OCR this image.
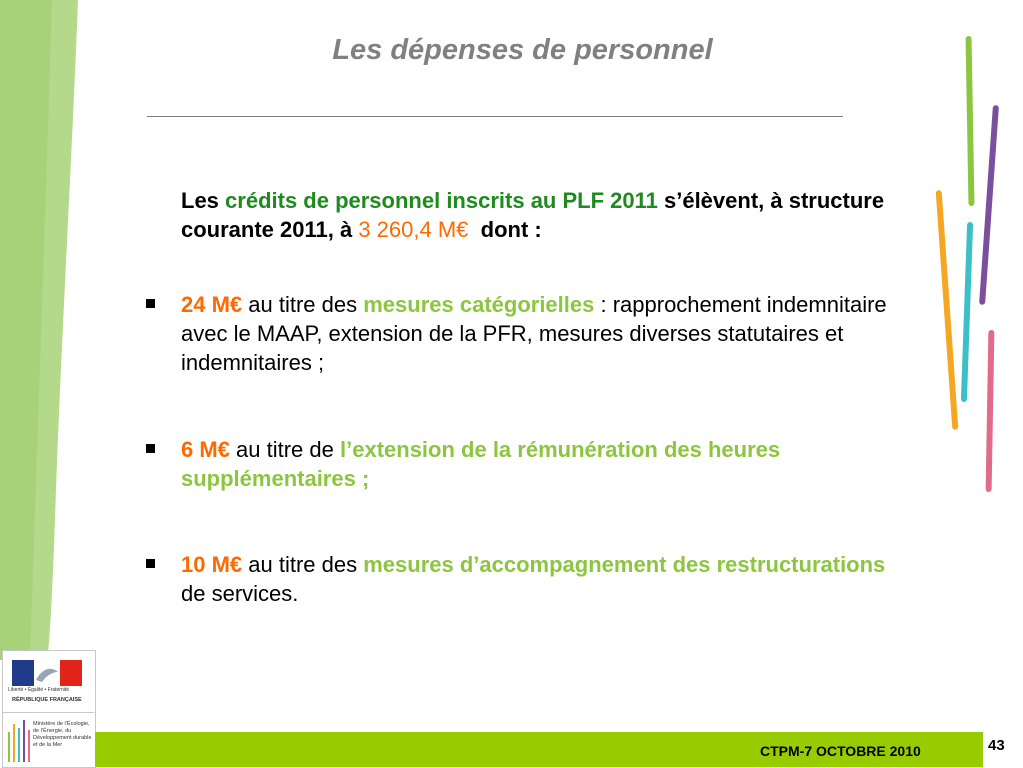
Les dépenses de personnel
Les crédits de personnel inscrits au PLF 2011 s’élèvent, à structure courante 2011, à 3 260,4 M€  dont :
24 M€ au titre des mesures catégorielles : rapprochement indemnitaire avec le MAAP, extension de la PFR, mesures diverses statutaires et indemnitaires ;
6 M€ au titre de l’extension de la rémunération des heures supplémentaires ;
10 M€ au titre des mesures d’accompagnement des restructurations de services.
Liberté • Égalité • Fraternité
RÉPUBLIQUE FRANÇAISE
Ministère de l’Écologie, de l’Énergie, du Développement durable et de la Mer	CTPM-7 OCTOBRE 2010	43
